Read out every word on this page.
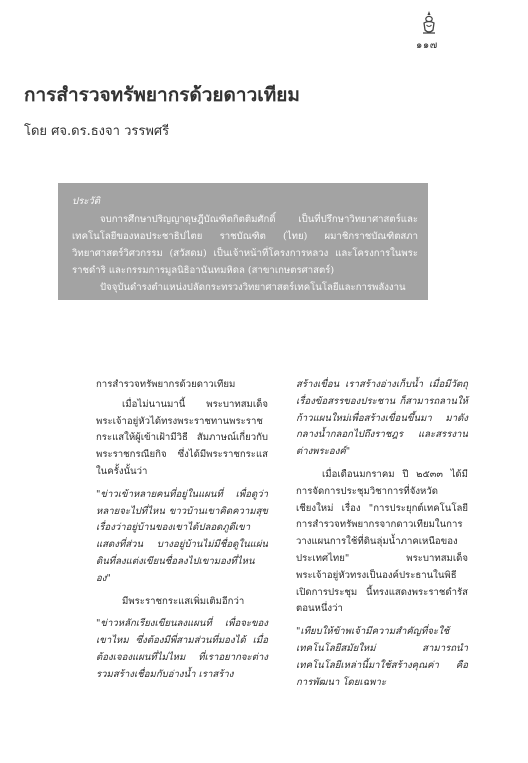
๑๑๗
การสำรวจทรัพยากรด้วยดาวเทียม
โดย ศจ.ดร.ธงจา วรรพศรี
ประวัติ

จบการศึกษาปริญญาดุษฎีบัณฑิตกิตติมศักดิ์ เป็นที่ปรึกษาวิทยาศาสตร์และเทคโนโลยีของหอประชาธิปไตย ราชบัณฑิต (ไทย) ผมาชิกราชบัณฑิตสภาวิทยาศาสตร์วิศวกรรม (สวัสดม) เป็นเจ้าหน้าที่โครงการหลวง และโครงการในพระราชดำริ และกรรมการมูลนิธิอานันทมหิดล (สาขาเกษตรศาสตร์)

ปัจจุบันดำรงตำแหน่งปลัดกระทรวงวิทยาศาสตร์เทคโนโลยีและการพลังงาน

การสำรวจทรัพยากรด้วยดาวเทียม

เมื่อไม่นานมานี้ พระบาทสมเด็จพระเจ้าอยู่หัวได้ทรงพระราชทานพระราชกระแสให้ผู้เข้าเฝ้ามีวิธี สัมภาษณ์เกี่ยวกับพระราชกรณียกิจ ซึ่งได้มีพระราชกระแสในครั้งนั้นว่า

"ข่าวเข้าหลายคนที่อยู่ในแผนที่ เพื่อดูว่าหลายจะไปที่ไหน ขาวบ้านเขาคิดความสุขเรื่องว่าอยู่บ้านของเขาได้ปลอดภูดีเขาแสดงที่ส่วน บางอยู่บ้านไม่มีชื่อดูในแผ่นดินที่ลงแต่งเขียนชื่อลงไปเขามองที่ไหนอง"

มีพระราชกระแสเพิ่มเติมอีกว่า

"ข่าวหลักเรียงเขียนลงแผนที่ เพื่อจะของเขาไหม ซึ่งต้องมีพี่สามส่วนที่มองได้ เมื่อต้องเจองแผนที่ไม่ไหม ที่เราอยากจะต่างรวมสร้างเชื่อมกับอ่างน้ำ เราสร้าง

สร้างเขื่อน เราสร้างอ่างเก็บน้ำ เมื่อมีวัตถุเรื่องข้อสรรของประชาน ก็สามารถลานให้ก้าวแผนใหม่เพื่อสร้างเขื่อนขึ้นมา มาดังกลางน้ำกลอกไปถึงราชฎร และสรรงานต่างพระองค์"

เมื่อเดือนมกราคม ปี ๒๕๓๓ ได้มีการจัดการประชุมวิชาการที่จังหวัดเชียงใหม่ เรื่อง "การประยุกต์เทคโนโลยีการสำรวจทรัพยากรจากดาวเทียมในการวางแผนการใช้ที่ดินลุ่มน้ำภาคเหนือของประเทศไทย" พระบาทสมเด็จพระเจ้าอยู่หัวทรงเป็นองค์ประธานในพิธีเปิดการประชุม นี้ทรงแสดงพระราชดำรัสตอนหนึ่งว่า

"เทียบให้ข้าพเจ้ามีความสำคัญที่จะใช้เทคโนโลยีสมัยใหม่ สามารถนำเทคโนโลยีเหล่านี้มาใช้สร้างคุณค่า คือ การพัฒนา โดยเฉพาะ
